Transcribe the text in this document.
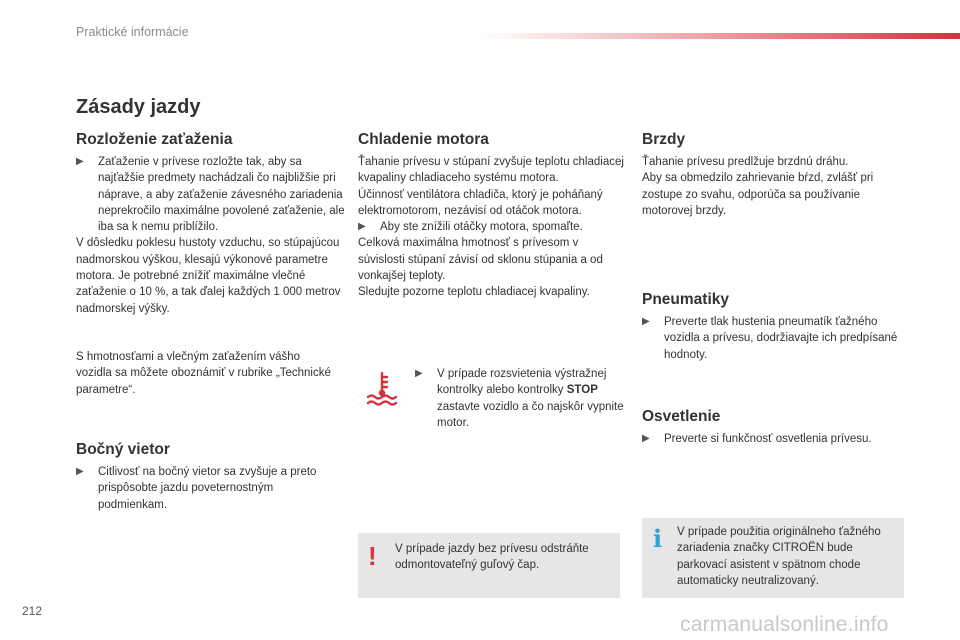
Praktické informácie
Zásady jazdy
Rozloženie zaťaženia
▶︎ Zaťaženie v prívese rozložte tak, aby sa najťažšie predmety nachádzali čo najbližšie pri nápravе, a aby zaťaženie závesného zariadenia neprekročilo maximálne povolené zaťaženie, ale iba sa k nemu priblížilo.

V dôsledku poklesu hustoty vzduchu, so stúpajúcou nadmorskou výškou, klesajú výkonové parametre motora. Je potrebné znížiť maximálne vlečné zaťaženie o 10 %, a tak ďalej každých 1 000 metrov nadmorskej výšky.

S hmotnosťami a vlečným zaťažením vášho vozidla sa môžete oboznámiť v rubrike „Technické parametre“.
Bočný vietor
▶︎ Citlivosť na bočný vietor sa zvyšuje a preto prispôsobte jazdu poveternostným podmienkam.

Chladenie motora

Ťahanie prívesu v stúpaní zvyšuje teplotu chladiacej kvapaliny chladiaceho systému motora.

Účinnosť ventilátora chladiča, ktorý je poháňaný elektromotorom, nezávisí od otáčok motora.

▶︎ Aby ste znížili otáčky motora, spomaľte.

Celková maximálna hmotnosť s prívesom v súvislosti stúpaní závisí od sklonu stúpania a od vonkajšej teploty.

Sledujte pozorne teplotu chladiacej kvapaliny.

▶︎ V prípade rozsvietenia výstražnej kontrolky alebo kontrolky STOP zastavte vozidlo a čo najskôr vypnite motor.

Brzdy

Ťahanie prívesu predlžuje brzdnú dráhu.

Aby sa obmedzilo zahrievanie bŕzd, zvlášť pri zostupe zo svahu, odporúča sa používanie motorovej brzdy.

Pneumatiky
▶︎ Preverte tlak hustenia pneumatík ťažného vozidla a prívesu, dodržiavajte ich predpísané hodnoty.

Osvetlenie
▶︎ Preverte si funkčnosť osvetlenia prívesu.

! V prípade jazdy bez prívesu odstráňte odmontovateľný guľový čap.
i V prípade použitia originálneho ťažného zariadenia značky CITROËN bude parkovací asistent v spätnom chode automaticky neutralizovaný.
212
carmanualsonline.info
